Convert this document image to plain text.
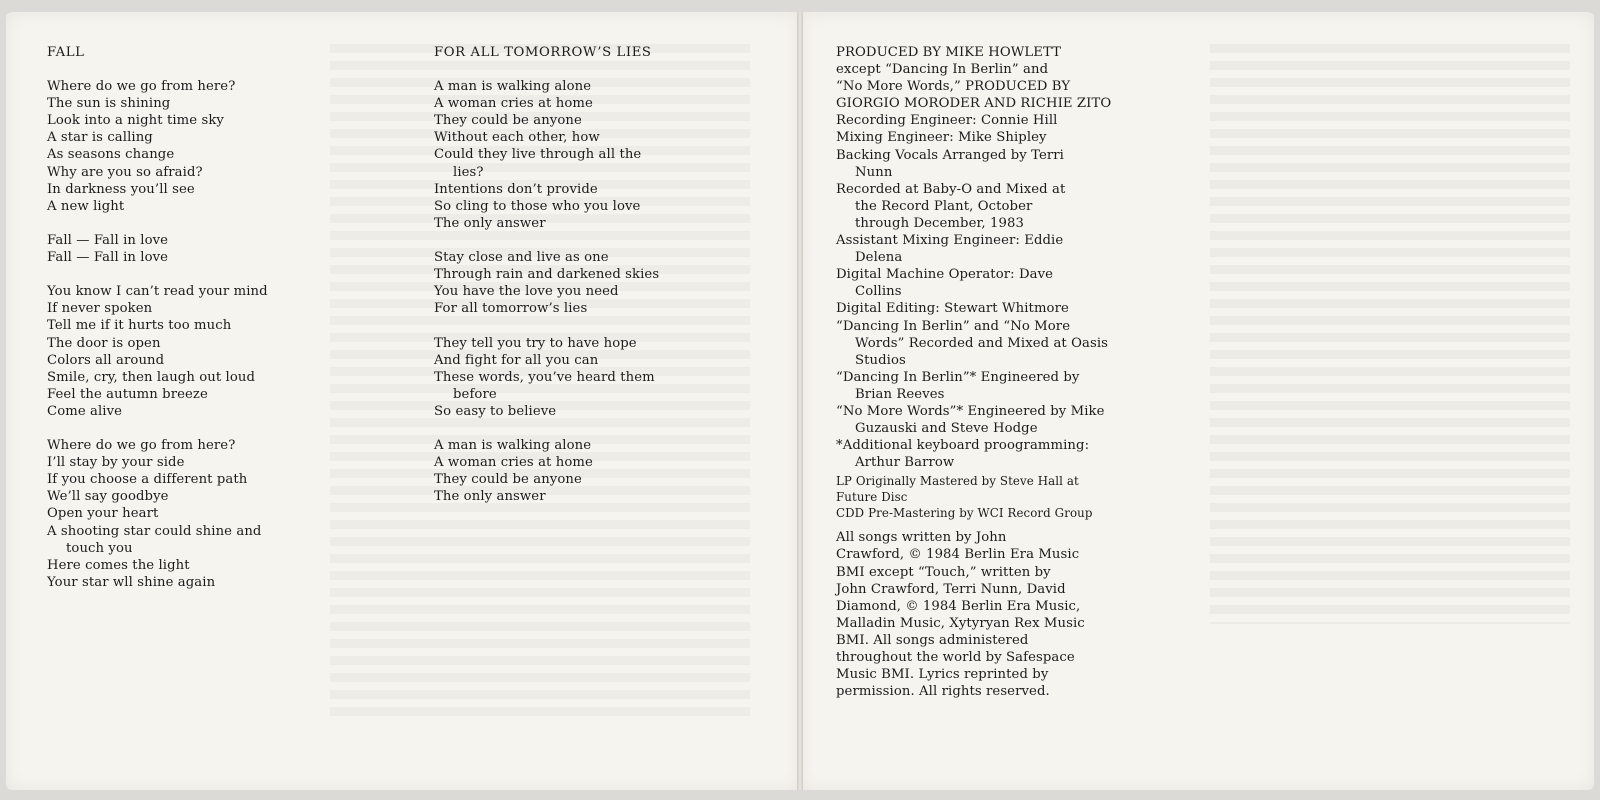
FALL
Where do we go from here?
The sun is shining
Look into a night time sky
A star is calling
As seasons change
Why are you so afraid?
In darkness you’ll see
A new light
Fall — Fall in love
Fall — Fall in love
You know I can’t read your mind
If never spoken
Tell me if it hurts too much
The door is open
Colors all around
Smile, cry, then laugh out loud
Feel the autumn breeze
Come alive
Where do we go from here?
I’ll stay by your side
If you choose a different path
We’ll say goodbye
Open your heart
A shooting star could shine and
touch you
Here comes the light
Your star wll shine again
FOR ALL TOMORROW’S LIES
A man is walking alone
A woman cries at home
They could be anyone
Without each other, how
Could they live through all the
lies?
Intentions don’t provide
So cling to those who you love
The only answer
Stay close and live as one
Through rain and darkened skies
You have the love you need
For all tomorrow’s lies
They tell you try to have hope
And fight for all you can
These words, you’ve heard them
before
So easy to believe
A man is walking alone
A woman cries at home
They could be anyone
The only answer
PRODUCED BY MIKE HOWLETT
except “Dancing In Berlin” and
“No More Words,” PRODUCED BY
GIORGIO MORODER AND RICHIE ZITO
Recording Engineer: Connie Hill
Mixing Engineer: Mike Shipley
Backing Vocals Arranged by Terri
Nunn
Recorded at Baby-O and Mixed at
the Record Plant, October
through December, 1983
Assistant Mixing Engineer: Eddie
Delena
Digital Machine Operator: Dave
Collins
Digital Editing: Stewart Whitmore
“Dancing In Berlin” and “No More
Words” Recorded and Mixed at Oasis
Studios
“Dancing In Berlin”* Engineered by
Brian Reeves
“No More Words”* Engineered by Mike
Guzauski and Steve Hodge
*Additional keyboard proogramming:
Arthur Barrow
LP Originally Mastered by Steve Hall at
Future Disc
CDD Pre-Mastering by WCI Record Group
All songs written by John
Crawford, © 1984 Berlin Era Music
BMI except “Touch,” written by
John Crawford, Terri Nunn, David
Diamond, © 1984 Berlin Era Music,
Malladin Music, Xytyryan Rex Music
BMI. All songs administered
throughout the world by Safespace
Music BMI. Lyrics reprinted by
permission. All rights reserved.
